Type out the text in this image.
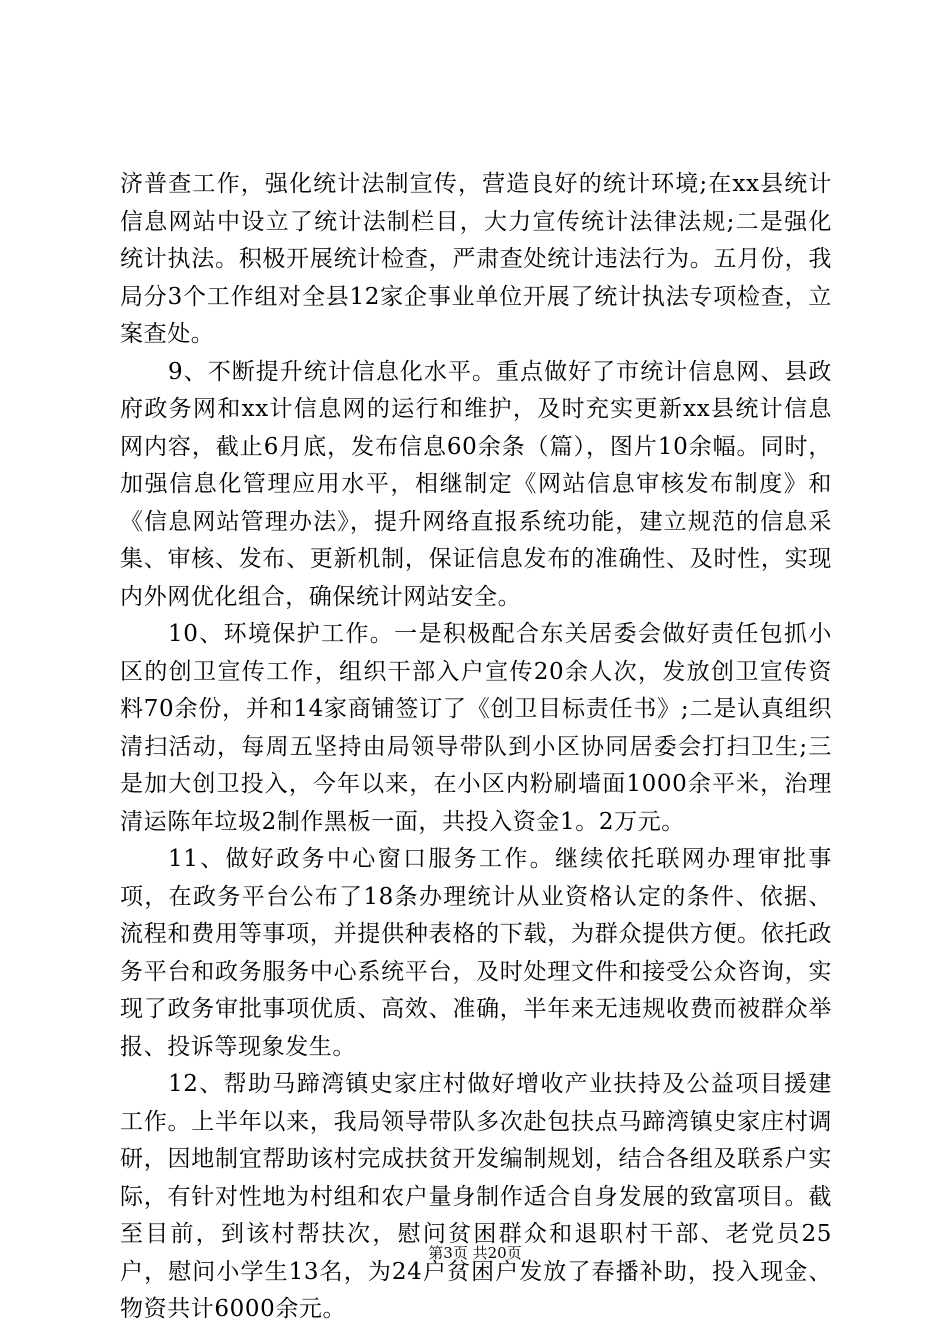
济普查工作，强化统计法制宣传，营造良好的统计环境;在xx县统计信息网站中设立了统计法制栏目，大力宣传统计法律法规;二是强化统计执法。积极开展统计检查，严肃查处统计违法行为。五月份，我局分3个工作组对全县12家企事业单位开展了统计执法专项检查，立案查处。

9、不断提升统计信息化水平。重点做好了市统计信息网、县政府政务网和xx计信息网的运行和维护，及时充实更新xx县统计信息网内容，截止6月底，发布信息60余条（篇），图片10余幅。同时，加强信息化管理应用水平，相继制定《网站信息审核发布制度》和《信息网站管理办法》，提升网络直报系统功能，建立规范的信息采集、审核、发布、更新机制，保证信息发布的准确性、及时性，实现内外网优化组合，确保统计网站安全。

10、环境保护工作。一是积极配合东关居委会做好责任包抓小区的创卫宣传工作，组织干部入户宣传20余人次，发放创卫宣传资料70余份，并和14家商铺签订了《创卫目标责任书》;二是认真组织清扫活动，每周五坚持由局领导带队到小区协同居委会打扫卫生;三是加大创卫投入，今年以来，在小区内粉刷墙面1000余平米，治理清运陈年垃圾2制作黑板一面，共投入资金1。2万元。

11、做好政务中心窗口服务工作。继续依托联网办理审批事项，在政务平台公布了18条办理统计从业资格认定的条件、依据、流程和费用等事项，并提供种表格的下载，为群众提供方便。依托政务平台和政务服务中心系统平台，及时处理文件和接受公众咨询，实现了政务审批事项优质、高效、准确，半年来无违规收费而被群众举报、投诉等现象发生。

12、帮助马蹄湾镇史家庄村做好增收产业扶持及公益项目援建工作。上半年以来，我局领导带队多次赴包扶点马蹄湾镇史家庄村调研，因地制宜帮助该村完成扶贫开发编制规划，结合各组及联系户实际，有针对性地为村组和农户量身制作适合自身发展的致富项目。截至目前，到该村帮扶次，慰问贫困群众和退职村干部、老党员25户，慰问小学生13名，为24户贫困户发放了春播补助，投入现金、物资共计6000余元。

第3页 共20页
